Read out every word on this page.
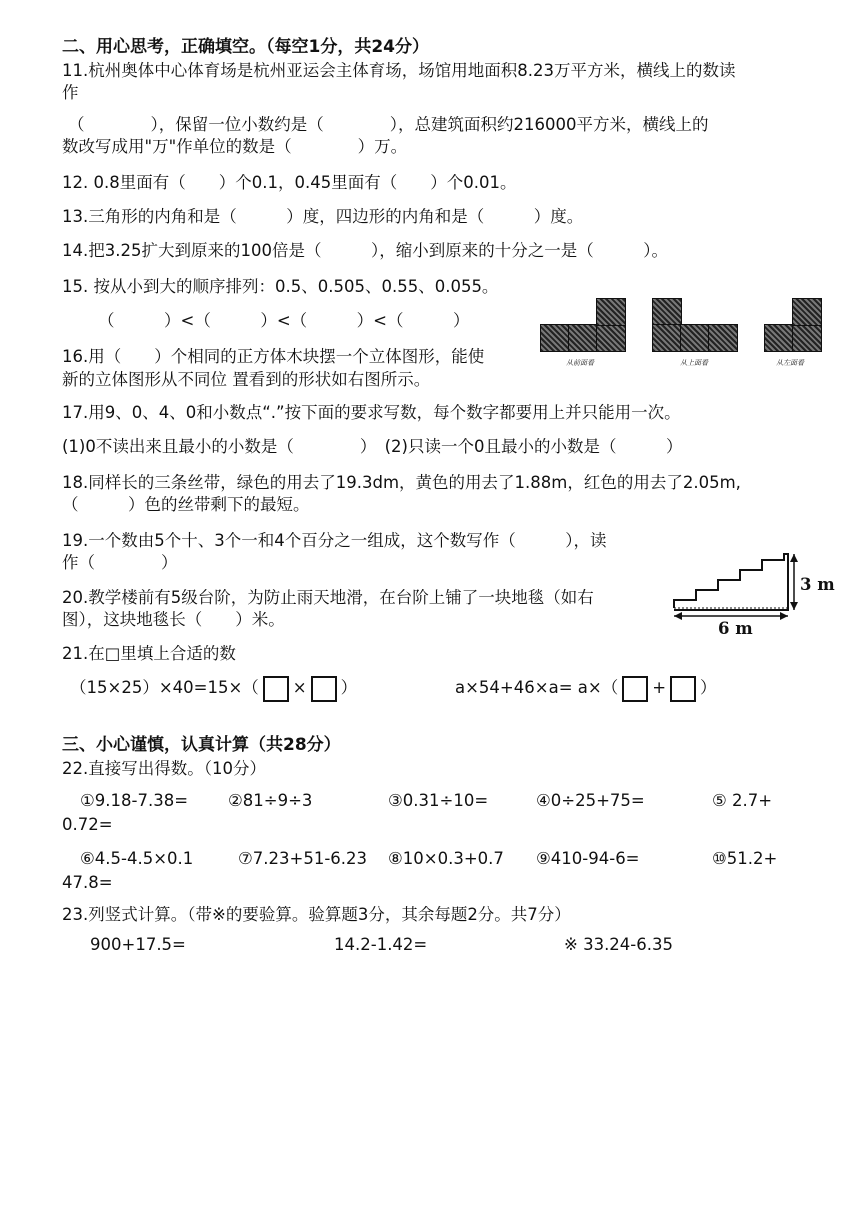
二、用心思考，正确填空。（每空1分，共24分）
11.杭州奥体中心体育场是杭州亚运会主体育场，场馆用地面积8.23万平方米，横线上的数读
作
（　　　　），保留一位小数约是（　　　　），总建筑面积约216000平方米，横线上的
数改写成用"万"作单位的数是（　　　　）万。
12. 0.8里面有（　　）个0.1，0.45里面有（　　）个0.01。
13.三角形的内角和是（　　　）度，四边形的内角和是（　　　）度。
14.把3.25扩大到原来的100倍是（　　　），缩小到原来的十分之一是（　　　）。
15. 按从小到大的顺序排列：0.5、0.505、0.55、0.055。
（　　　）<（　　　）<（　　　）<（　　　）
16.用（　　）个相同的正方体木块摆一个立体图形，能使
新的立体图形从不同位 置看到的形状如右图所示。
从前面看	从上面看	从左面看
17.用9、0、4、0和小数点“.”按下面的要求写数，每个数字都要用上并只能用一次。
(1)0不读出来且最小的小数是（　　　　）　(2)只读一个0且最小的小数是（　　　）
18.同样长的三条丝带，绿色的用去了19.3dm，黄色的用去了1.88m，红色的用去了2.05m,
（　　　）色的丝带剩下的最短。
19.一个数由5个十、3个一和4个百分之一组成，这个数写作（　　　），读
作（　　　　）
20.教学楼前有5级台阶，为防止雨天地滑，在台阶上铺了一块地毯（如右
图），这块地毯长（　　）米。
3 m
6 m
21.在□里填上合适的数
（15×25）×40=15×（ × ）	a×54+46×a= a×（ + ）
三、小心谨慎，认真计算（共28分）
22.直接写出得数。（10分）
①9.18-7.38= ②81÷9÷3	③0.31÷10=	④0÷25+75=	⑤ 2.7+
0.72=
⑥4.5-4.5×0.1	⑦7.23+51-6.23 ⑧10×0.3+0.7 ⑨410-94-6=	⑩51.2+
47.8=
23.列竖式计算。（带※的要验算。验算题3分，其余每题2分。共7分）
900+17.5=	14.2-1.42=	※ 33.24-6.35
